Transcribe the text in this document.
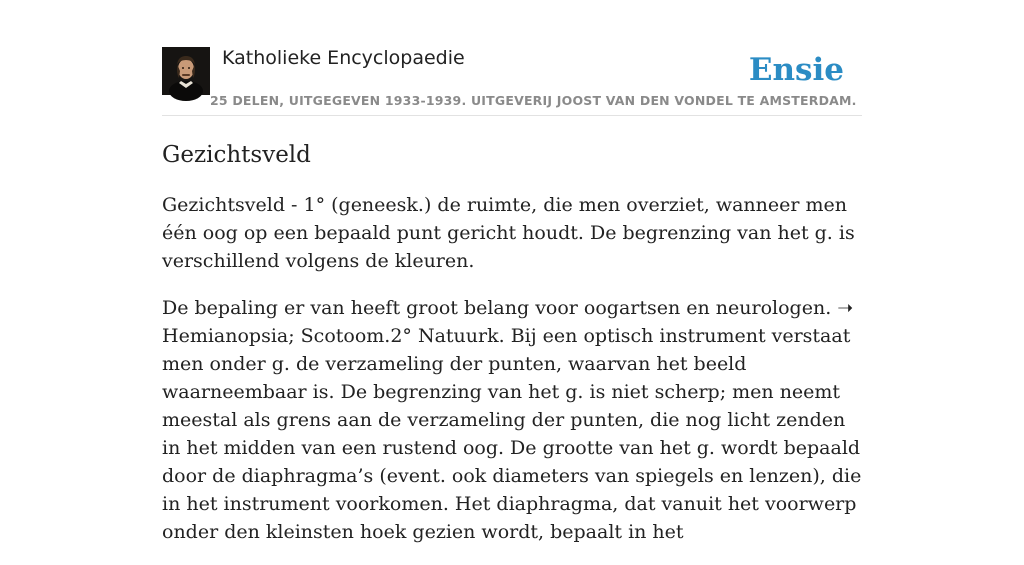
Katholieke Encyclopaedie
25 DELEN, UITGEGEVEN 1933-1939. UITGEVERIJ JOOST VAN DEN VONDEL TE AMSTERDAM.
Ensie
Gezichtsveld

Gezichtsveld - 1° (geneesk.) de ruimte, die men overziet, wanneer men één oog op een bepaald punt gericht houdt. De begrenzing van het g. is verschillend volgens de kleuren.

De bepaling er van heeft groot belang voor oogartsen en neurologen. ➝
Hemianopsia; Scotoom.2° Natuurk. Bij een optisch instrument verstaat men onder g. de verzameling der punten, waarvan het beeld waarneembaar is. De begrenzing van het g. is niet scherp; men neemt meestal als grens aan de verzameling der punten, die nog licht zenden in het midden van een rustend oog. De grootte van het g. wordt bepaald door de diaphragma’s (event. ook diameters van spiegels en lenzen), die in het instrument voorkomen. Het diaphragma, dat vanuit het voorwerp onder den kleinsten hoek gezien wordt, bepaalt in het
